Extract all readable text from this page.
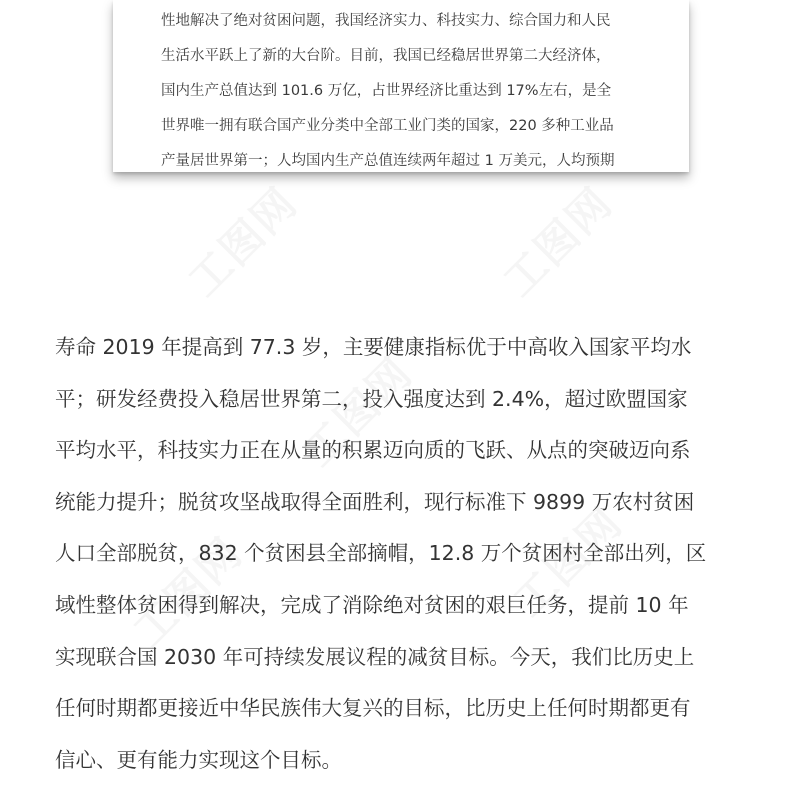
工图网	工图网
工图网
工图网	工图网
性地解决了绝对贫困问题，我国经济实力、科技实力、综合国力和人民
生活水平跃上了新的大台阶。目前，我国已经稳居世界第二大经济体，
国内生产总值达到 101.6 万亿，占世界经济比重达到 17%左右，是全
世界唯一拥有联合国产业分类中全部工业门类的国家，220 多种工业品
产量居世界第一；人均国内生产总值连续两年超过 1 万美元，人均预期
寿命 2019 年提高到 77.3 岁，主要健康指标优于中高收入国家平均水
平；研发经费投入稳居世界第二，投入强度达到 2.4%，超过欧盟国家
平均水平，科技实力正在从量的积累迈向质的飞跃、从点的突破迈向系
统能力提升；脱贫攻坚战取得全面胜利，现行标准下 9899 万农村贫困
人口全部脱贫，832 个贫困县全部摘帽，12.8 万个贫困村全部出列，区
域性整体贫困得到解决，完成了消除绝对贫困的艰巨任务，提前 10 年
实现联合国 2030 年可持续发展议程的减贫目标。今天，我们比历史上
任何时期都更接近中华民族伟大复兴的目标，比历史上任何时期都更有
信心、更有能力实现这个目标。
